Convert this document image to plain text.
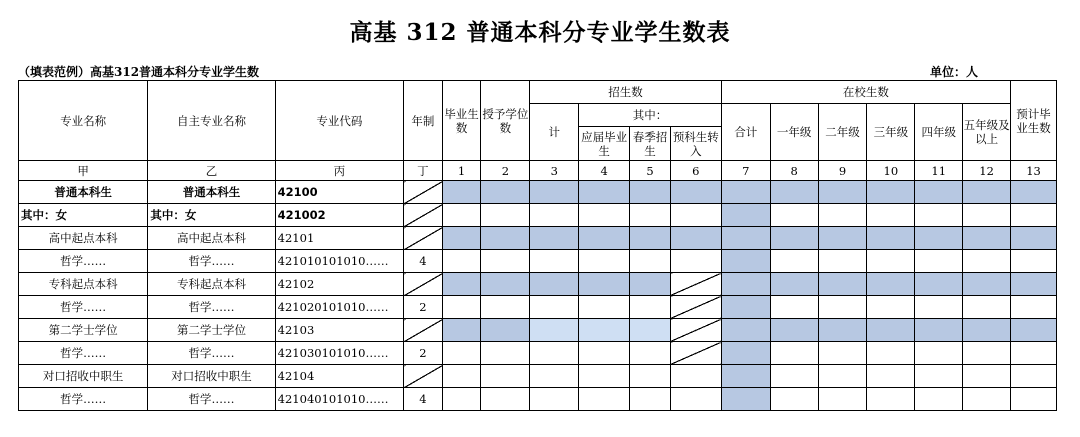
高基 312 普通本科分专业学生数表
（填表范例）高基312普通本科分专业学生数	单位：人
专业名称	自主专业名称	专业代码	年制	毕业生数	授予学位数	招生数				在校生数						预计毕业生数
						计	其中：			合计	一年级	二年级	三年级	四年级	五年级及以上	
							应届毕业生	春季招生	预科生转入							
甲	乙	丙	丁	1	2	3	4	5	6	7	8	9	10	11	12	13
普通本科生	普通本科生	42100														
其中：女	其中：女	421002														
高中起点本科	高中起点本科	42101														
哲学……	哲学……	421010101010……	4													
专科起点本科	专科起点本科	42102														
哲学……	哲学……	421020101010……	2													
第二学士学位	第二学士学位	42103														
哲学……	哲学……	421030101010……	2													
对口招收中职生	对口招收中职生	42104														
哲学……	哲学……	421040101010……	4													
